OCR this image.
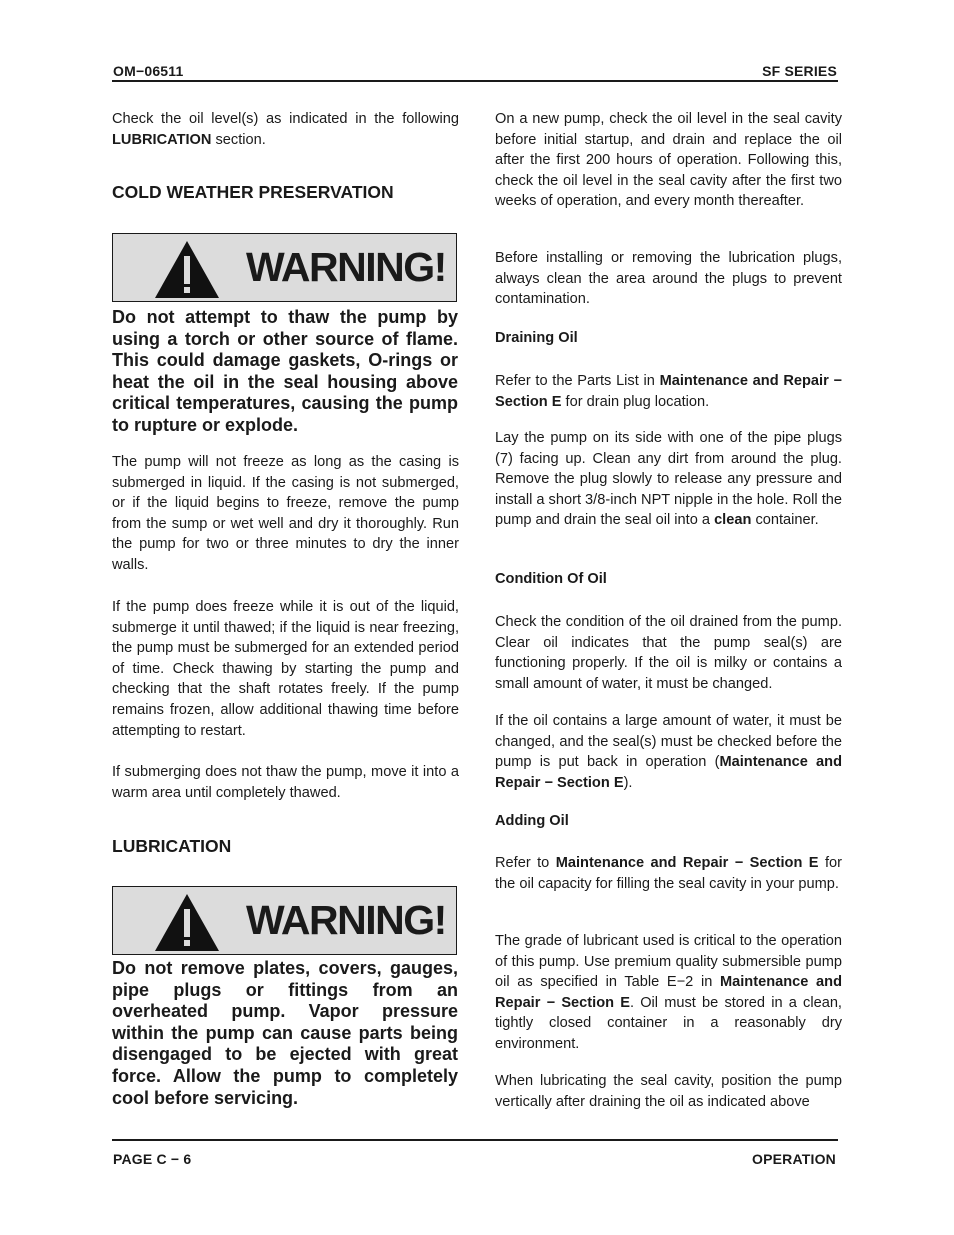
OM−06511	SF SERIES

Check the oil level(s) as indicated in the following LUBRICATION section.

COLD WEATHER PRESERVATION
WARNING!
Do not attempt to thaw the pump by using a torch or other source of flame. This could damage gaskets, O-rings or heat the oil in the seal housing above critical temperatures, causing the pump to rupture or explode.

The pump will not freeze as long as the casing is submerged in liquid. If the casing is not submerged, or if the liquid begins to freeze, remove the pump from the sump or wet well and dry it thoroughly. Run the pump for two or three minutes to dry the inner walls.

If the pump does freeze while it is out of the liquid, submerge it until thawed; if the liquid is near freezing, the pump must be submerged for an extended period of time. Check thawing by starting the pump and checking that the shaft rotates freely. If the pump remains frozen, allow additional thawing time before attempting to restart.

If submerging does not thaw the pump, move it into a warm area until completely thawed.

LUBRICATION
WARNING!
Do not remove plates, covers, gauges, pipe plugs or fittings from an overheated pump. Vapor pressure within the pump can cause parts being disengaged to be ejected with great force. Allow the pump to completely cool before servicing.

On a new pump, check the oil level in the seal cavity before initial startup, and drain and replace the oil after the first 200 hours of operation. Following this, check the oil level in the seal cavity after the first two weeks of operation, and every month thereafter.

Before installing or removing the lubrication plugs, always clean the area around the plugs to prevent contamination.

Draining Oil

Refer to the Parts List in Maintenance and Repair − Section E for drain plug location.

Lay the pump on its side with one of the pipe plugs (7) facing up. Clean any dirt from around the plug. Remove the plug slowly to release any pressure and install a short 3/8-inch NPT nipple in the hole. Roll the pump and drain the seal oil into a clean container.

Condition Of Oil

Check the condition of the oil drained from the pump. Clear oil indicates that the pump seal(s) are functioning properly. If the oil is milky or contains a small amount of water, it must be changed.

If the oil contains a large amount of water, it must be changed, and the seal(s) must be checked before the pump is put back in operation (Maintenance and Repair − Section E).

Adding Oil

Refer to Maintenance and Repair − Section E for the oil capacity for filling the seal cavity in your pump.

The grade of lubricant used is critical to the operation of this pump. Use premium quality submersible pump oil as specified in Table E−2 in Maintenance and Repair − Section E. Oil must be stored in a clean, tightly closed container in a reasonably dry environment.

When lubricating the seal cavity, position the pump vertically after draining the oil as indicated above

PAGE C − 6	OPERATION
